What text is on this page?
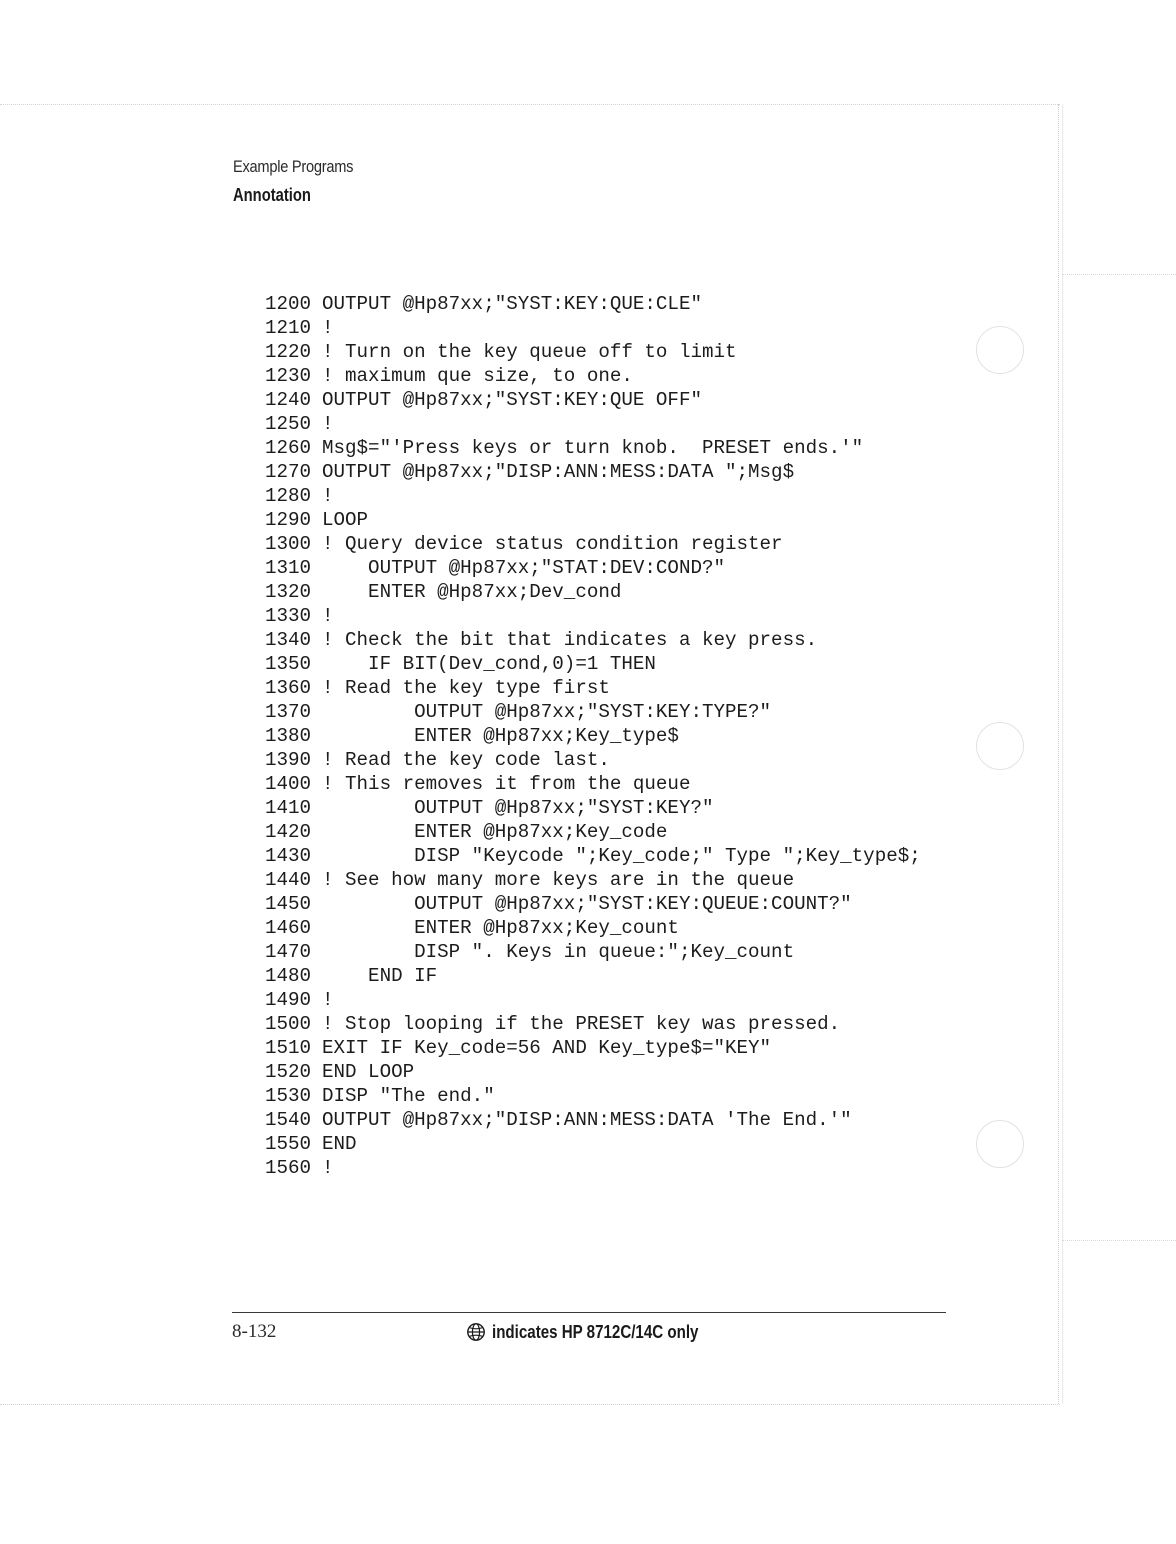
Example Programs
Annotation
1200 OUTPUT @Hp87xx;"SYST:KEY:QUE:CLE"
1210 !
1220 ! Turn on the key queue off to limit
1230 ! maximum que size, to one.
1240 OUTPUT @Hp87xx;"SYST:KEY:QUE OFF"
1250 !
1260 Msg$="'Press keys or turn knob.  PRESET ends.'"
1270 OUTPUT @Hp87xx;"DISP:ANN:MESS:DATA ";Msg$
1280 !
1290 LOOP
1300 ! Query device status condition register
1310    OUTPUT @Hp87xx;"STAT:DEV:COND?"
1320    ENTER @Hp87xx;Dev_cond
1330 !
1340 ! Check the bit that indicates a key press.
1350    IF BIT(Dev_cond,0)=1 THEN
1360 ! Read the key type first
1370        OUTPUT @Hp87xx;"SYST:KEY:TYPE?"
1380        ENTER @Hp87xx;Key_type$
1390 ! Read the key code last.
1400 ! This removes it from the queue
1410        OUTPUT @Hp87xx;"SYST:KEY?"
1420        ENTER @Hp87xx;Key_code
1430        DISP "Keycode ";Key_code;" Type ";Key_type$;
1440 ! See how many more keys are in the queue
1450        OUTPUT @Hp87xx;"SYST:KEY:QUEUE:COUNT?"
1460        ENTER @Hp87xx;Key_count
1470        DISP ". Keys in queue:";Key_count
1480    END IF
1490 !
1500 ! Stop looping if the PRESET key was pressed.
1510 EXIT IF Key_code=56 AND Key_type$="KEY"
1520 END LOOP
1530 DISP "The end."
1540 OUTPUT @Hp87xx;"DISP:ANN:MESS:DATA 'The End.'"
1550 END
1560 !
8-132	indicates HP 8712C/14C only
